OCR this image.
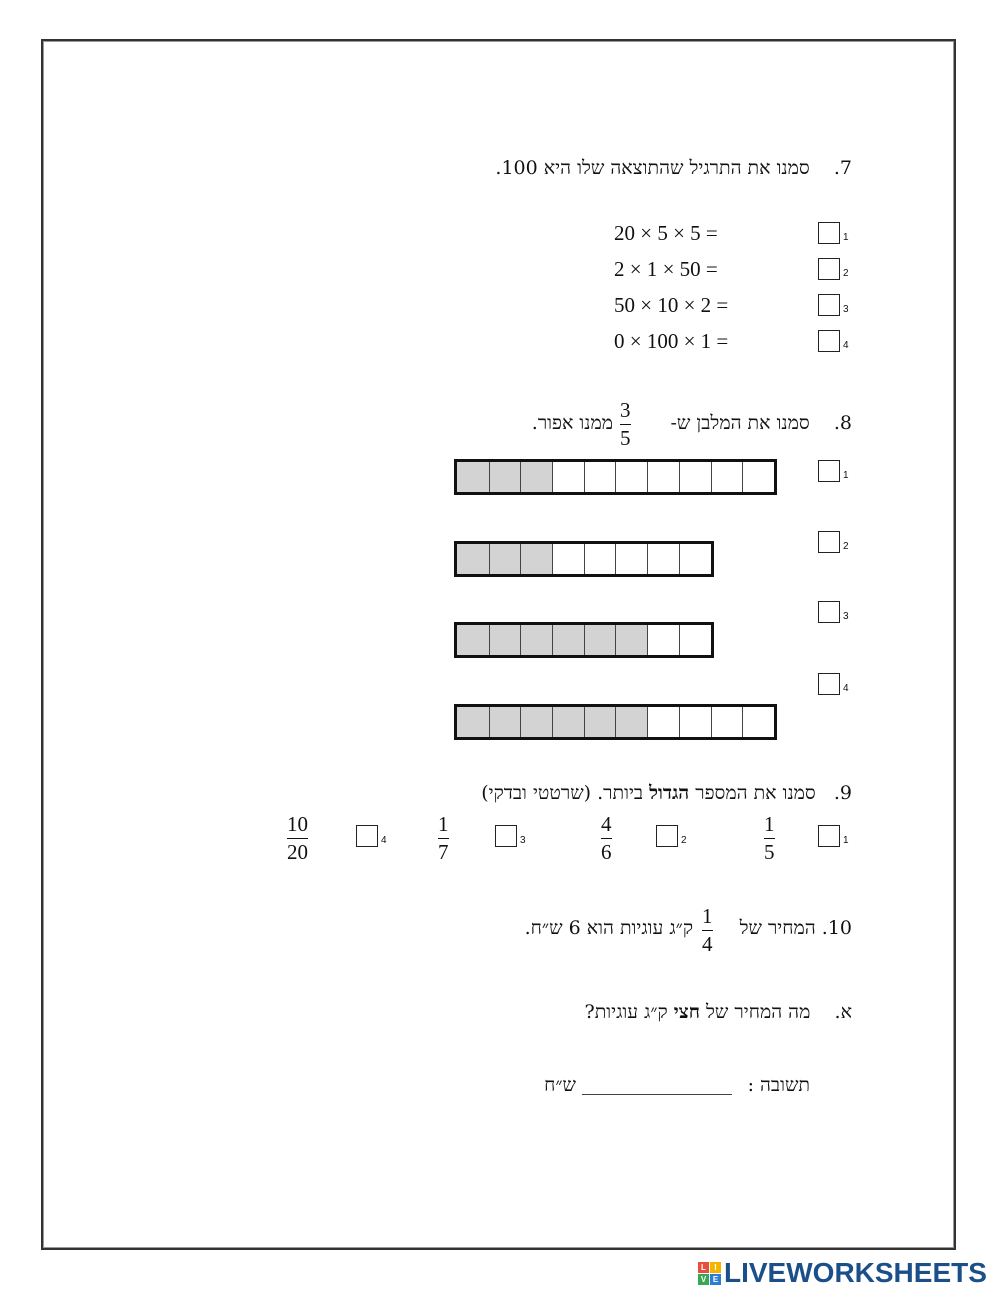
7.    סמנו את התרגיל שהתוצאה שלו היא 100.
1
20 × 5 × 5 =
2
2 × 1 × 50 =
3
50 × 10 × 2 =
4
0 × 100 × 1 =
8.    סמנו את המלבן ש-
3
5
ממנו אפור.
1
2
3
4
9.   סמנו את המספר הגדול ביותר. (שרטטי ובדקי)
1
1
5
2
4
6
3
1
7
4
10
20
10. המחיר של
1
4
ק״ג עוגיות הוא 6 ש״ח.
א.    מה המחיר של חצי ק״ג עוגיות?
תשובה :
ש״ח
L	I
V E LIVEWORKSHEETS
